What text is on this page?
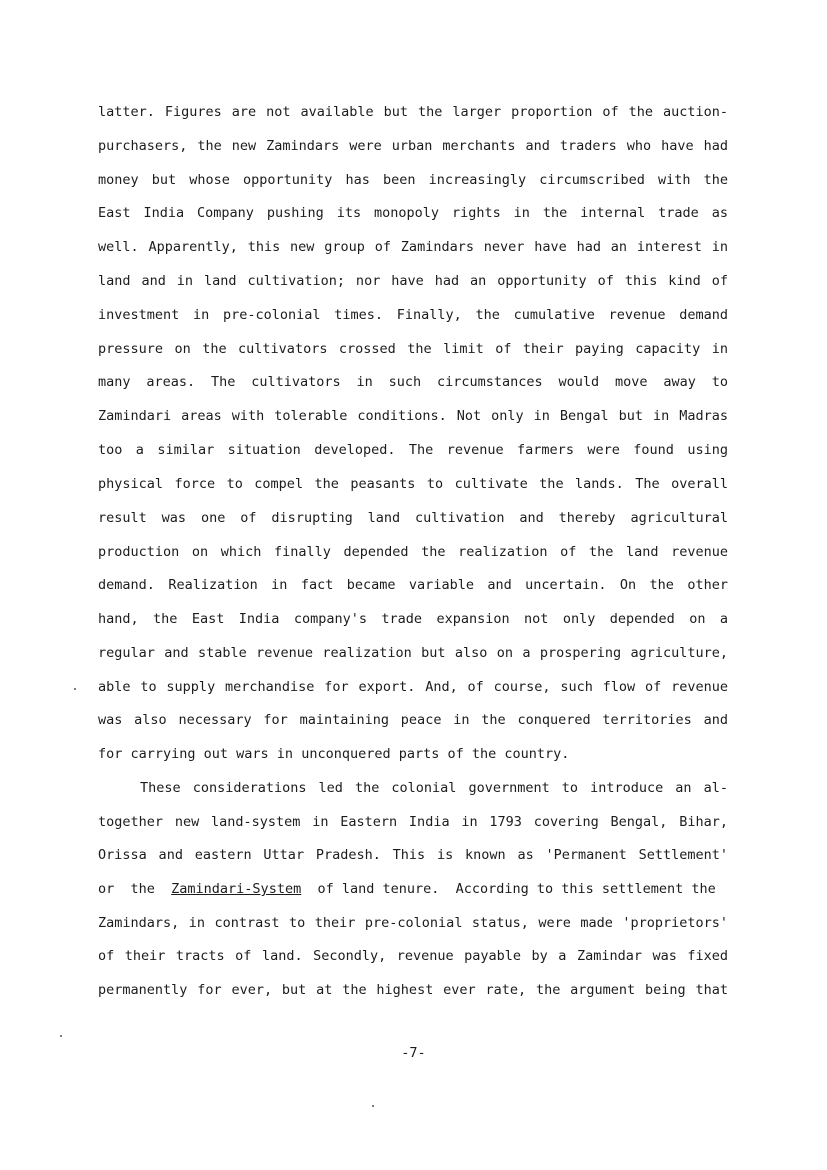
latter. Figures are not available but the larger proportion of the auction-
purchasers, the new Zamindars were urban merchants and traders who have had
money but whose opportunity has been increasingly circumscribed with the
East India Company pushing its monopoly rights in the internal trade as
well. Apparently, this new group of Zamindars never have had an interest in
land and in land cultivation; nor have had an opportunity of this kind of
investment in pre-colonial times. Finally, the cumulative revenue demand
pressure on the cultivators crossed the limit of their paying capacity in
many areas. The cultivators in such circumstances would move away to
Zamindari areas with tolerable conditions. Not only in Bengal but in Madras
too a similar situation developed. The revenue farmers were found using
physical force to compel the peasants to cultivate the lands. The overall
result was one of disrupting land cultivation and thereby agricultural
production on which finally depended the realization of the land revenue
demand. Realization in fact became variable and uncertain. On the other
hand, the East India company's trade expansion not only depended on a
regular and stable revenue realization but also on a prospering agriculture,
able to supply merchandise for export. And, of course, such flow of revenue
was also necessary for maintaining peace in the conquered territories and
for carrying out wars in unconquered parts of the country.
These considerations led the colonial government to introduce an al-
together new land-system in Eastern India in 1793 covering Bengal, Bihar,
Orissa and eastern Uttar Pradesh. This is known as 'Permanent Settlement'
or  the  Zamindari-System  of land tenure.  According to this settlement the
Zamindars, in contrast to their pre-colonial status, were made 'proprietors'
of their tracts of land. Secondly, revenue payable by a Zamindar was fixed
permanently for ever, but at the highest ever rate, the argument being that
-7-
